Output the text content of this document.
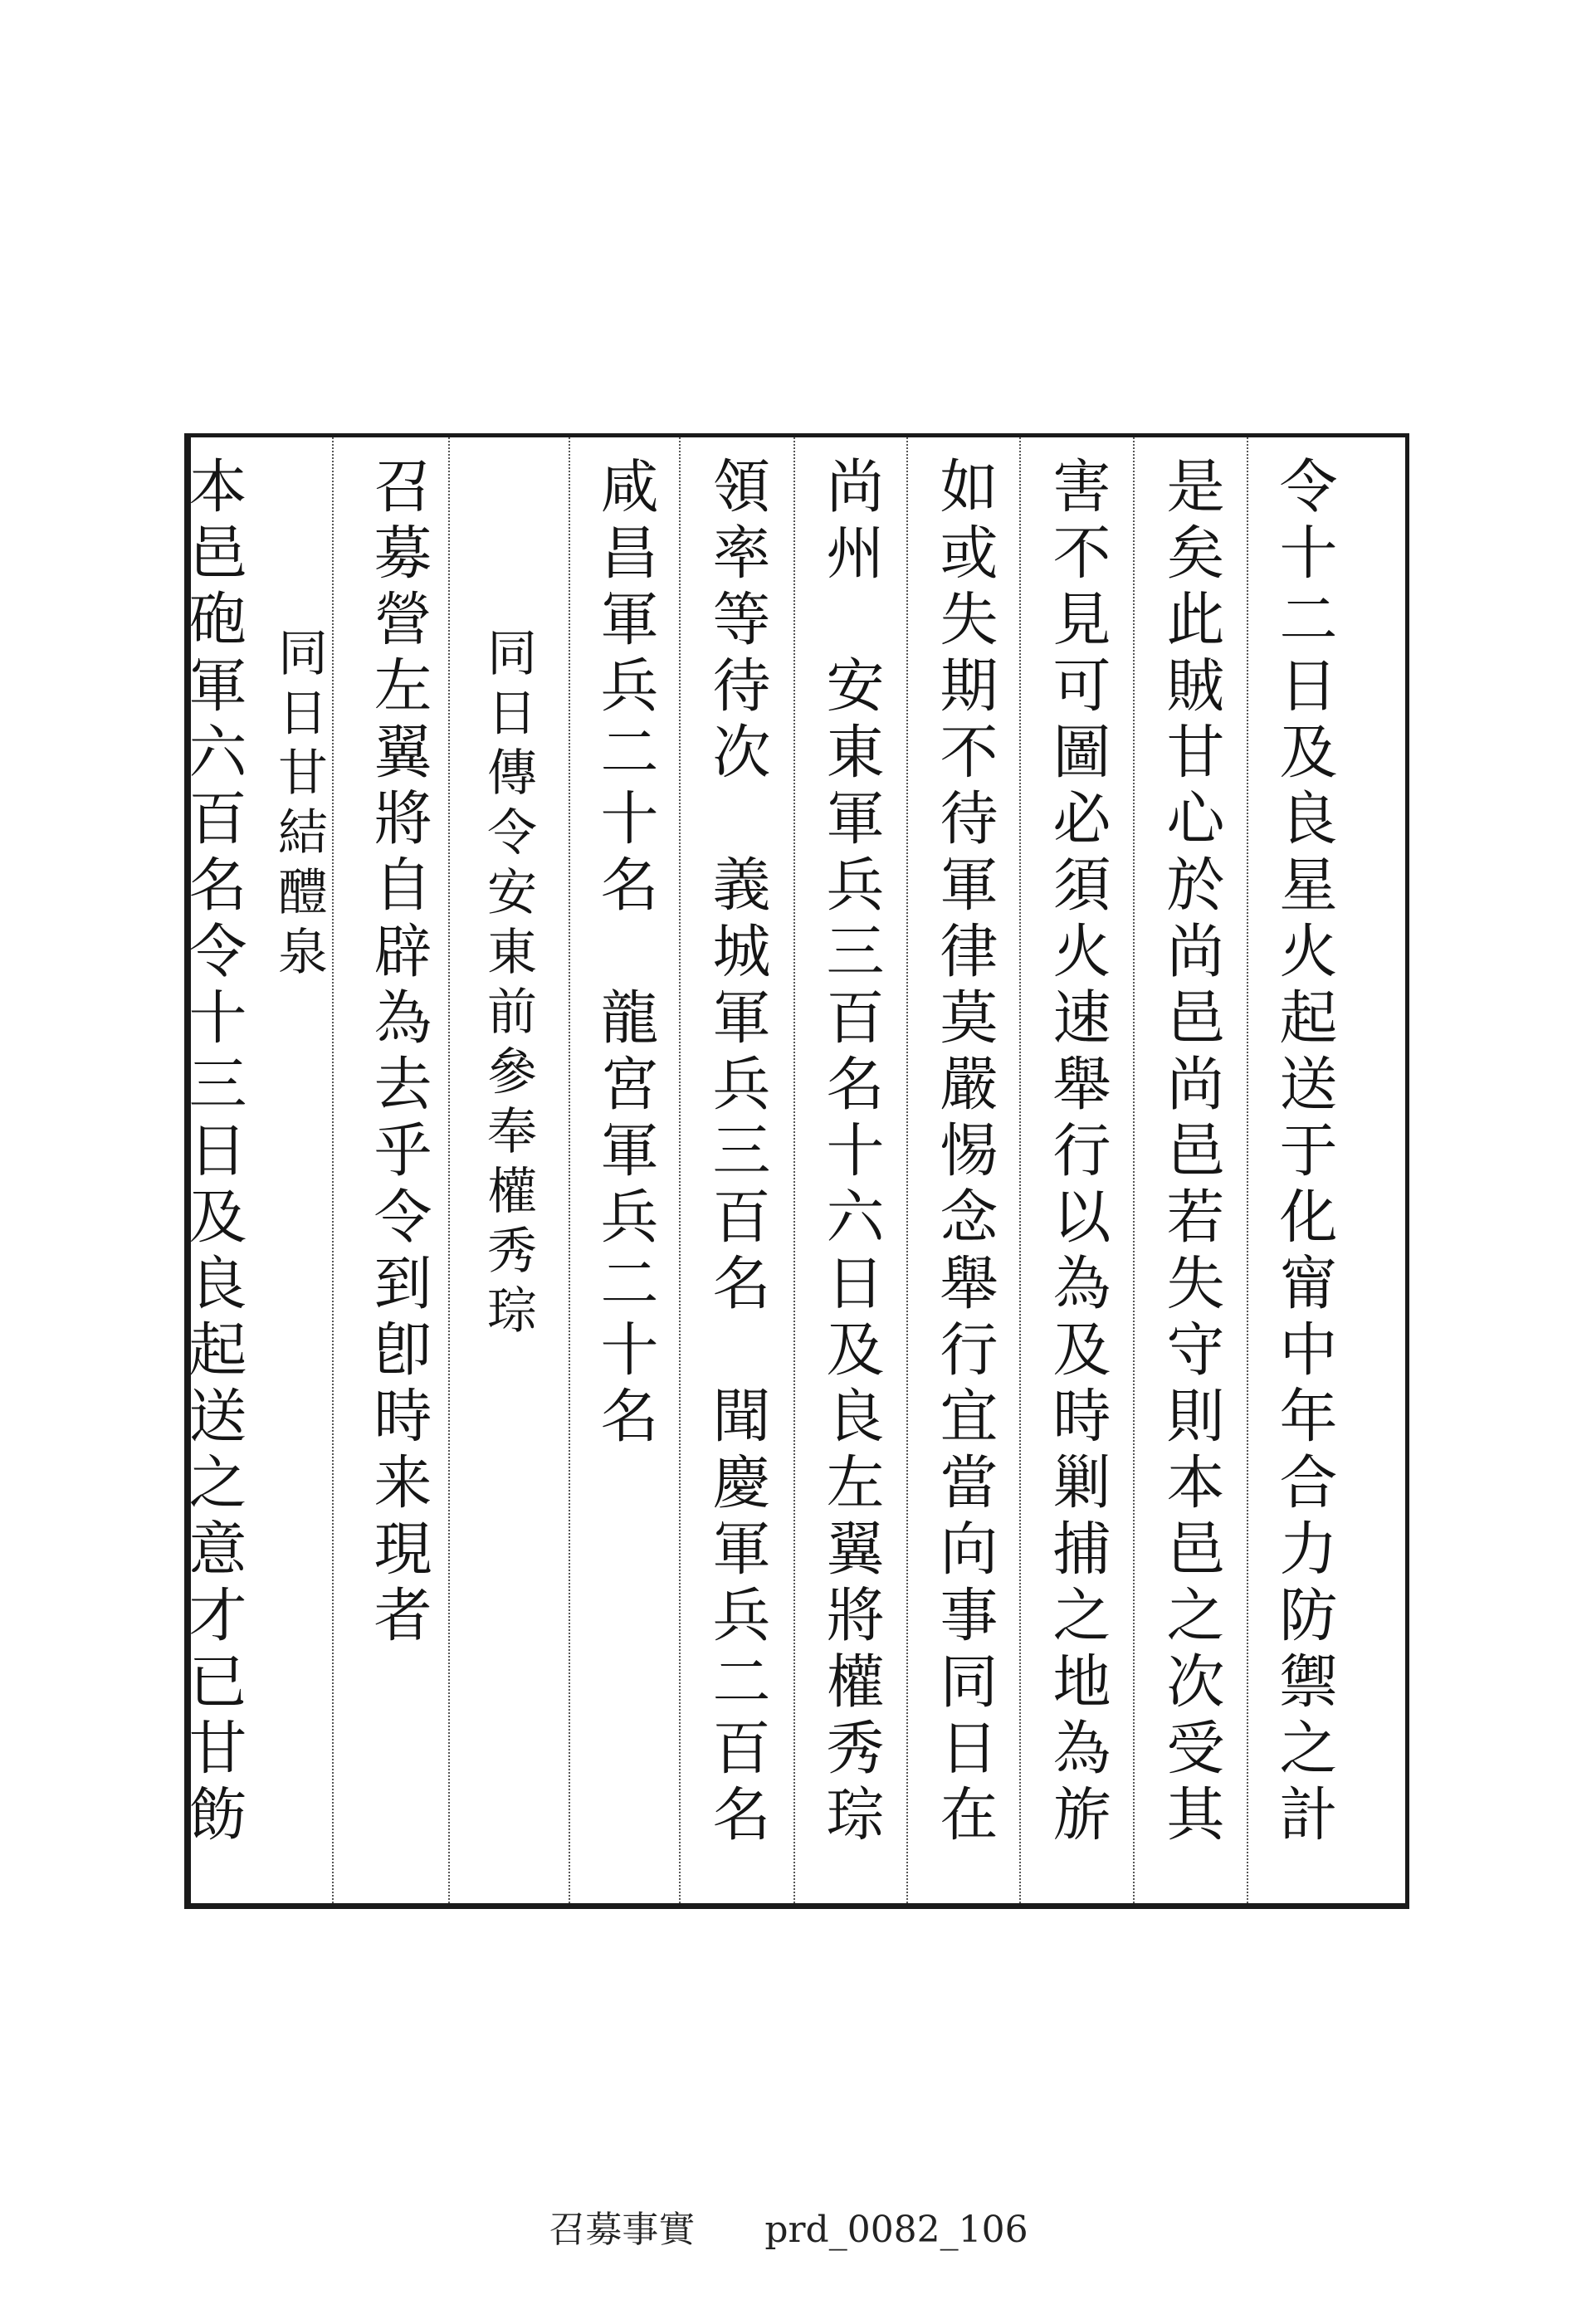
令十二日及良星火起送于化甯中年合力防禦之計
是矣此賊甘心於尚邑尚邑若失守則本邑之次受其
害不見可圖必須火速舉行以為及時剿捕之地為旂
如或失期不待軍律莫嚴惕念舉行宜當向事同日在
尚州　安東軍兵三百名十六日及良左翼將權秀琮
領率等待次　義城軍兵三百名　聞慶軍兵二百名
咸昌軍兵二十名　龍宮軍兵二十名
同日傳令安東前參奉權秀琮
召募營左翼將自辟為去乎令到卽時来現者
同日甘結醴泉
本邑砲軍六百名令十三日及良起送之意才已甘飭
召募事實 prd_0082_106
